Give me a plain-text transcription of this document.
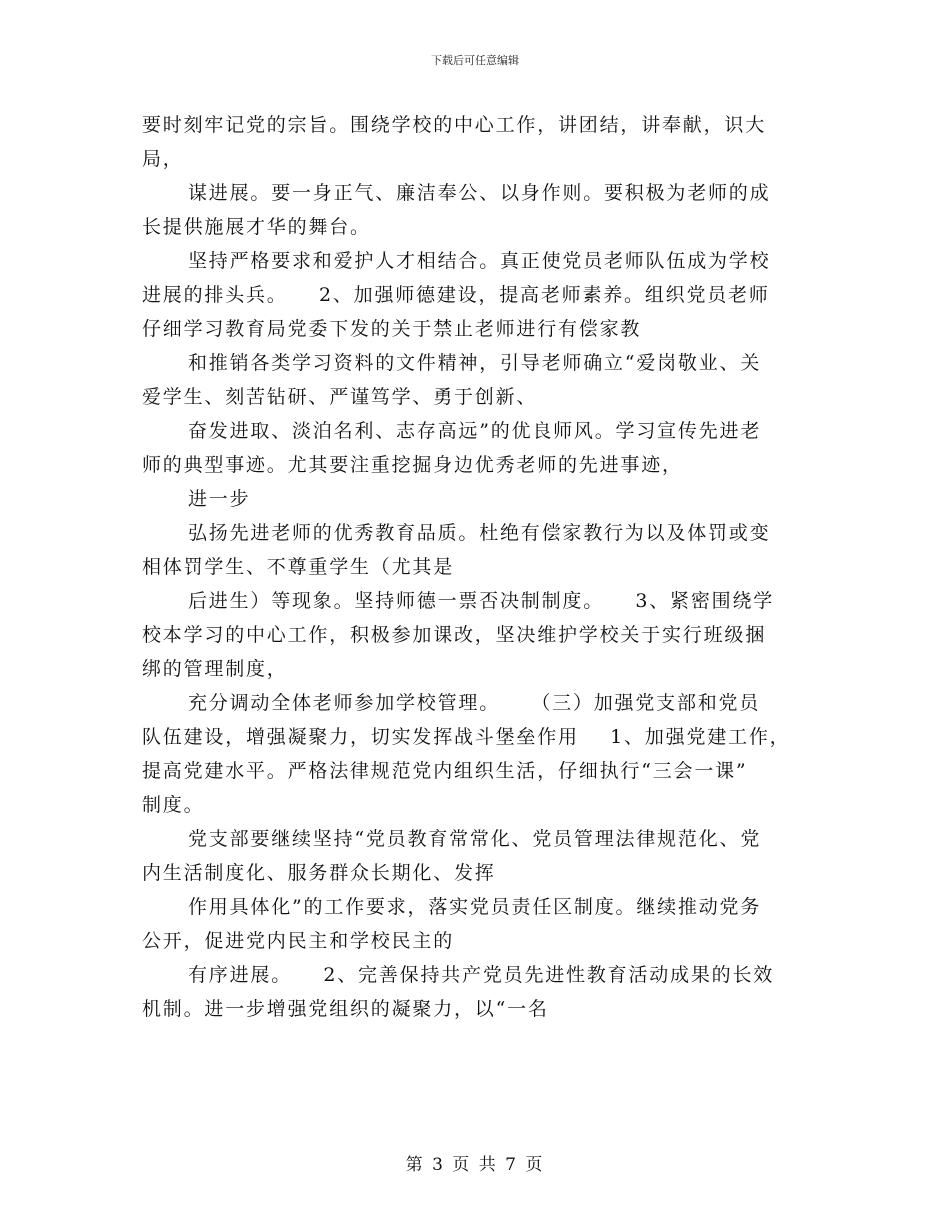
下载后可任意编辑
要时刻牢记党的宗旨。围绕学校的中心工作，讲团结，讲奉献，识大
局，
谋进展。要一身正气、廉洁奉公、以身作则。要积极为老师的成
长提供施展才华的舞台。
坚持严格要求和爱护人才相结合。真正使党员老师队伍成为学校
进展的排头兵。    2、加强师德建设，提高老师素养。组织党员老师
仔细学习教育局党委下发的关于禁止老师进行有偿家教
和推销各类学习资料的文件精神，引导老师确立“爱岗敬业、关
爱学生、刻苦钻研、严谨笃学、勇于创新、
奋发进取、淡泊名利、志存高远”的优良师风。学习宣传先进老
师的典型事迹。尤其要注重挖掘身边优秀老师的先进事迹，
进一步
弘扬先进老师的优秀教育品质。杜绝有偿家教行为以及体罚或变
相体罚学生、不尊重学生（尤其是
后进生）等现象。坚持师德一票否决制制度。    3、紧密围绕学
校本学习的中心工作，积极参加课改，坚决维护学校关于实行班级捆
绑的管理制度，
充分调动全体老师参加学校管理。    （三）加强党支部和党员
队伍建设，增强凝聚力，切实发挥战斗堡垒作用    1、加强党建工作，
提高党建水平。严格法律规范党内组织生活，仔细执行“三会一课”
制度。
党支部要继续坚持“党员教育常常化、党员管理法律规范化、党
内生活制度化、服务群众长期化、发挥
作用具体化”的工作要求，落实党员责任区制度。继续推动党务
公开，促进党内民主和学校民主的
有序进展。    2、完善保持共产党员先进性教育活动成果的长效
机制。进一步增强党组织的凝聚力，以“一名
第 3 页 共 7 页
